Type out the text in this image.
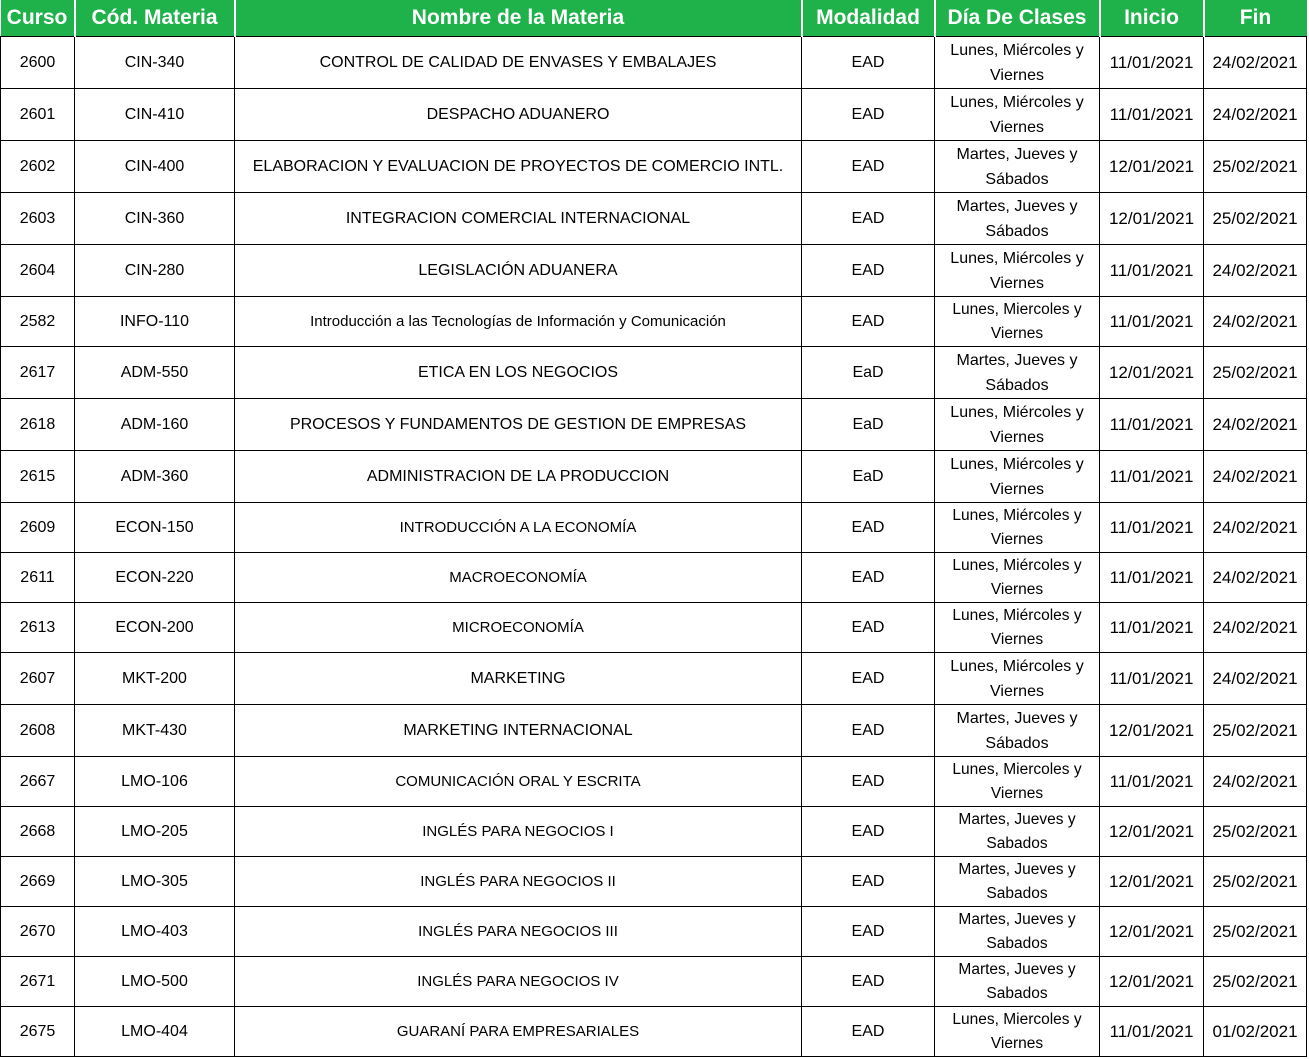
Curso	Cód. Materia	Nombre de la Materia	Modalidad	Día De Clases	Inicio	Fin
2600	CIN-340	CONTROL DE CALIDAD DE ENVASES Y EMBALAJES	EAD	Lunes, Miércoles y Viernes	11/01/2021	24/02/2021
2601	CIN-410	DESPACHO ADUANERO	EAD	Lunes, Miércoles y Viernes	11/01/2021	24/02/2021
2602	CIN-400	ELABORACION Y EVALUACION DE PROYECTOS DE COMERCIO INTL.	EAD	Martes, Jueves y Sábados	12/01/2021	25/02/2021
2603	CIN-360	INTEGRACION COMERCIAL INTERNACIONAL	EAD	Martes, Jueves y Sábados	12/01/2021	25/02/2021
2604	CIN-280	LEGISLACIÓN ADUANERA	EAD	Lunes, Miércoles y Viernes	11/01/2021	24/02/2021
2582	INFO-110	Introducción a las Tecnologías de Información y Comunicación	EAD	Lunes, Miercoles y Viernes	11/01/2021	24/02/2021
2617	ADM-550	ETICA EN LOS NEGOCIOS	EaD	Martes, Jueves y Sábados	12/01/2021	25/02/2021
2618	ADM-160	PROCESOS Y FUNDAMENTOS DE GESTION DE EMPRESAS	EaD	Lunes, Miércoles y Viernes	11/01/2021	24/02/2021
2615	ADM-360	ADMINISTRACION DE LA PRODUCCION	EaD	Lunes, Miércoles y Viernes	11/01/2021	24/02/2021
2609	ECON-150	INTRODUCCIÓN A LA ECONOMÍA	EAD	Lunes, Miércoles y Viernes	11/01/2021	24/02/2021
2611	ECON-220	MACROECONOMÍA	EAD	Lunes, Miércoles y Viernes	11/01/2021	24/02/2021
2613	ECON-200	MICROECONOMÍA	EAD	Lunes, Miércoles y Viernes	11/01/2021	24/02/2021
2607	MKT-200	MARKETING	EAD	Lunes, Miércoles y Viernes	11/01/2021	24/02/2021
2608	MKT-430	MARKETING INTERNACIONAL	EAD	Martes, Jueves y Sábados	12/01/2021	25/02/2021
2667	LMO-106	COMUNICACIÓN ORAL Y ESCRITA	EAD	Lunes, Miercoles y Viernes	11/01/2021	24/02/2021
2668	LMO-205	INGLÉS PARA NEGOCIOS I	EAD	Martes, Jueves y Sabados	12/01/2021	25/02/2021
2669	LMO-305	INGLÉS PARA NEGOCIOS II	EAD	Martes, Jueves y Sabados	12/01/2021	25/02/2021
2670	LMO-403	INGLÉS PARA NEGOCIOS III	EAD	Martes, Jueves y Sabados	12/01/2021	25/02/2021
2671	LMO-500	INGLÉS PARA NEGOCIOS IV	EAD	Martes, Jueves y Sabados	12/01/2021	25/02/2021
2675	LMO-404	GUARANÍ PARA EMPRESARIALES	EAD	Lunes, Miercoles y Viernes	11/01/2021	01/02/2021
